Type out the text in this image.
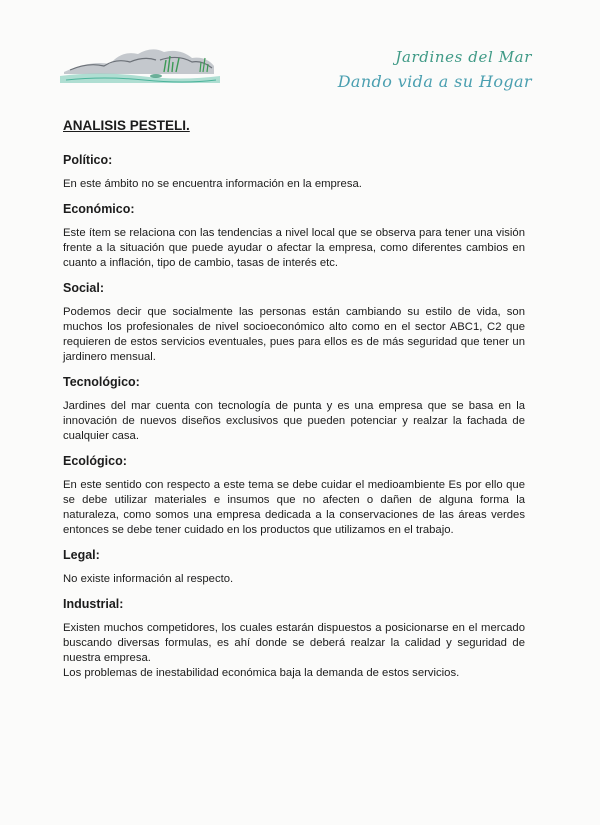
Jardines del Mar
Dando vida a su Hogar
ANALISIS PESTELI.
Político:
En este ámbito no se encuentra información en la empresa.
Económico:
Este ítem se relaciona con las tendencias a nivel local que se observa para tener una visión frente a la situación que puede ayudar o afectar la empresa, como diferentes cambios en cuanto a inflación, tipo de cambio, tasas de interés etc.
Social:
Podemos decir que socialmente las personas están cambiando su estilo de vida, son muchos los profesionales de nivel socioeconómico alto como en el sector ABC1, C2 que requieren de estos servicios eventuales, pues para ellos es de más seguridad que tener un jardinero mensual.
Tecnológico:
Jardines del mar cuenta con tecnología de punta y es una empresa que se basa en la innovación de nuevos diseños exclusivos que pueden potenciar y realzar la fachada de cualquier casa.
Ecológico:
En este sentido con respecto a este tema se debe cuidar el medioambiente Es por ello que se debe utilizar materiales e insumos que no afecten o dañen de alguna forma la naturaleza, como somos una empresa dedicada a la conservaciones de las áreas verdes entonces se debe tener cuidado en los productos que utilizamos en el trabajo.
Legal:
No existe información al respecto.
Industrial:
Existen muchos competidores, los cuales estarán dispuestos a posicionarse en el mercado buscando diversas formulas, es ahí donde se deberá realzar la calidad y seguridad de nuestra empresa.
Los problemas de inestabilidad económica baja la demanda de estos servicios.
